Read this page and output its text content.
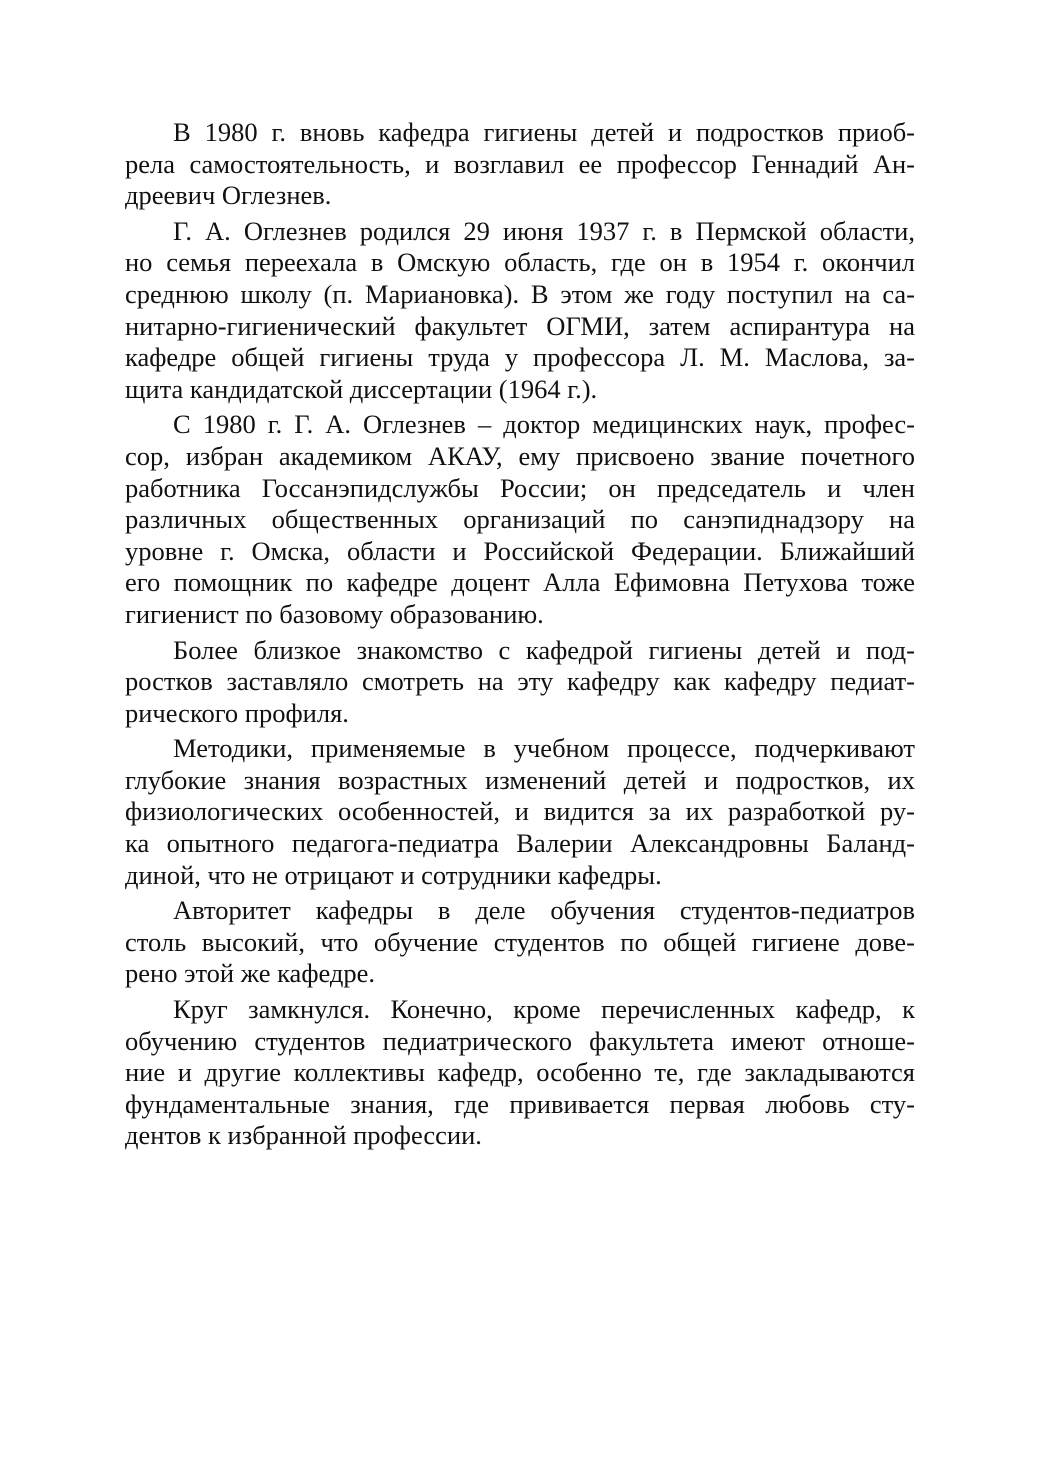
В 1980 г. вновь кафедра гигиены детей и подростков приоб-
рела самостоятельность, и возглавил ее профессор Геннадий Ан-
дреевич Оглезнев.
Г. А. Оглезнев родился 29 июня 1937 г. в Пермской области,
но семья переехала в Омскую область, где он в 1954 г. окончил
среднюю школу (п. Мариановка). В этом же году поступил на са-
нитарно-гигиенический факультет ОГМИ, затем аспирантура на
кафедре общей гигиены труда у профессора Л. М. Маслова, за-
щита кандидатской диссертации (1964 г.).
С 1980 г. Г. А. Оглезнев – доктор медицинских наук, профес-
сор, избран академиком АКАУ, ему присвоено звание почетного
работника Госсанэпидслужбы России; он председатель и член
различных общественных организаций по санэпиднадзору на
уровне г. Омска, области и Российской Федерации. Ближайший
его помощник по кафедре доцент Алла Ефимовна Петухова тоже
гигиенист по базовому образованию.
Более близкое знакомство с кафедрой гигиены детей и под-
ростков заставляло смотреть на эту кафедру как кафедру педиат-
рического профиля.
Методики, применяемые в учебном процессе, подчеркивают
глубокие знания возрастных изменений детей и подростков, их
физиологических особенностей, и видится за их разработкой ру-
ка опытного педагога-педиатра Валерии Александровны Баланд-
диной, что не отрицают и сотрудники кафедры.
Авторитет кафедры в деле обучения студентов-педиатров
столь высокий, что обучение студентов по общей гигиене дове-
рено этой же кафедре.
Круг замкнулся. Конечно, кроме перечисленных кафедр, к
обучению студентов педиатрического факультета имеют отноше-
ние и другие коллективы кафедр, особенно те, где закладываются
фундаментальные знания, где прививается первая любовь сту-
дентов к избранной профессии.
